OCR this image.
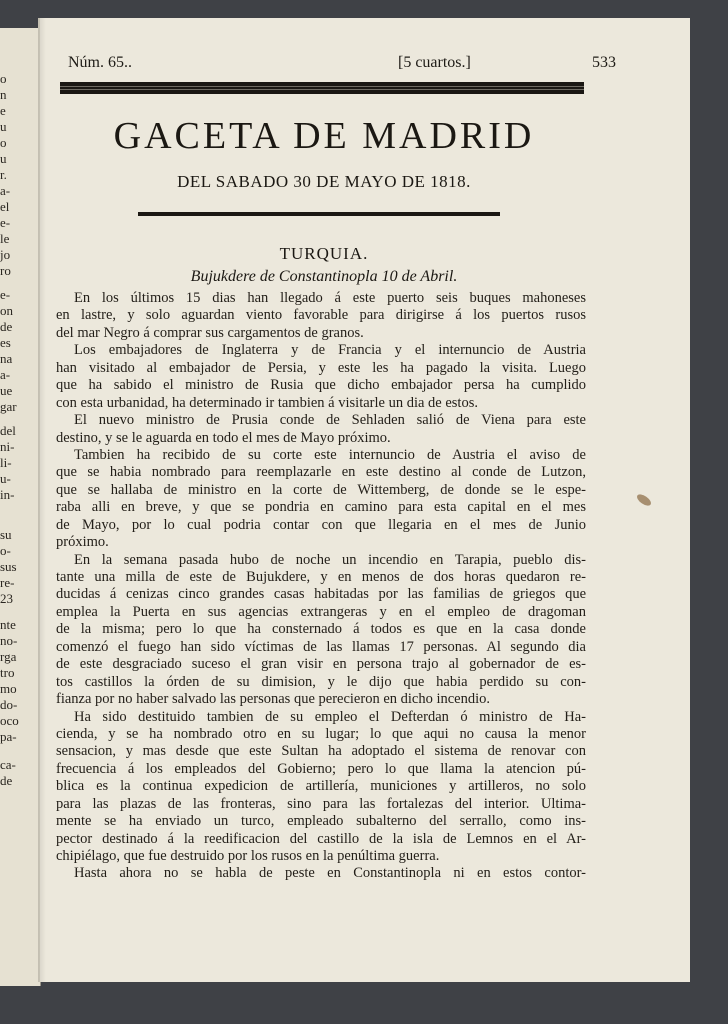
o
n
e
u
o
u
r.
a-
el
e-
le
jo
ro
e-
on
de
es
na
a-
ue
gar
del
ni-
li-
u-
in-
su
o-
sus
re-
23
nte
no-
rga
tro
mo
do-
oco
pa-
ca-
de
Núm. 65..	[5 cuartos.]	533
GACETA DE MADRID
DEL SABADO 30 DE MAYO DE 1818.
TURQUIA.
Bujukdere de Constantinopla 10 de Abril.
En los últimos 15 dias han llegado á este puerto seis buques mahoneses
en lastre, y solo aguardan viento favorable para dirigirse á los puertos rusos
del mar Negro á comprar sus cargamentos de granos.
Los embajadores de Inglaterra y de Francia y el internuncio de Austria
han visitado al embajador de Persia, y este les ha pagado la visita. Luego
que ha sabido el ministro de Rusia que dicho embajador persa ha cumplido
con esta urbanidad, ha determinado ir tambien á visitarle un dia de estos.
El nuevo ministro de Prusia conde de Sehladen salió de Viena para este
destino, y se le aguarda en todo el mes de Mayo próximo.
Tambien ha recibido de su corte este internuncio de Austria el aviso de
que se habia nombrado para reemplazarle en este destino al conde de Lutzon,
que se hallaba de ministro en la corte de Wittemberg, de donde se le espe-
raba alli en breve, y que se pondria en camino para esta capital en el mes
de Mayo, por lo cual podria contar con que llegaria en el mes de Junio
próximo.
En la semana pasada hubo de noche un incendio en Tarapia, pueblo dis-
tante una milla de este de Bujukdere, y en menos de dos horas quedaron re-
ducidas á cenizas cinco grandes casas habitadas por las familias de griegos que
emplea la Puerta en sus agencias extrangeras y en el empleo de dragoman
de la misma; pero lo que ha consternado á todos es que en la casa donde
comenzó el fuego han sido víctimas de las llamas 17 personas. Al segundo dia
de este desgraciado suceso el gran visir en persona trajo al gobernador de es-
tos castillos la órden de su dimision, y le dijo que habia perdido su con-
fianza por no haber salvado las personas que perecieron en dicho incendio.
Ha sido destituido tambien de su empleo el Defterdan ó ministro de Ha-
cienda, y se ha nombrado otro en su lugar; lo que aqui no causa la menor
sensacion, y mas desde que este Sultan ha adoptado el sistema de renovar con
frecuencia á los empleados del Gobierno; pero lo que llama la atencion pú-
blica es la continua expedicion de artillería, municiones y artilleros, no solo
para las plazas de las fronteras, sino para las fortalezas del interior. Ultima-
mente se ha enviado un turco, empleado subalterno del serrallo, como ins-
pector destinado á la reedificacion del castillo de la isla de Lemnos en el Ar-
chipiélago, que fue destruido por los rusos en la penúltima guerra.
Hasta ahora no se habla de peste en Constantinopla ni en estos contor-
